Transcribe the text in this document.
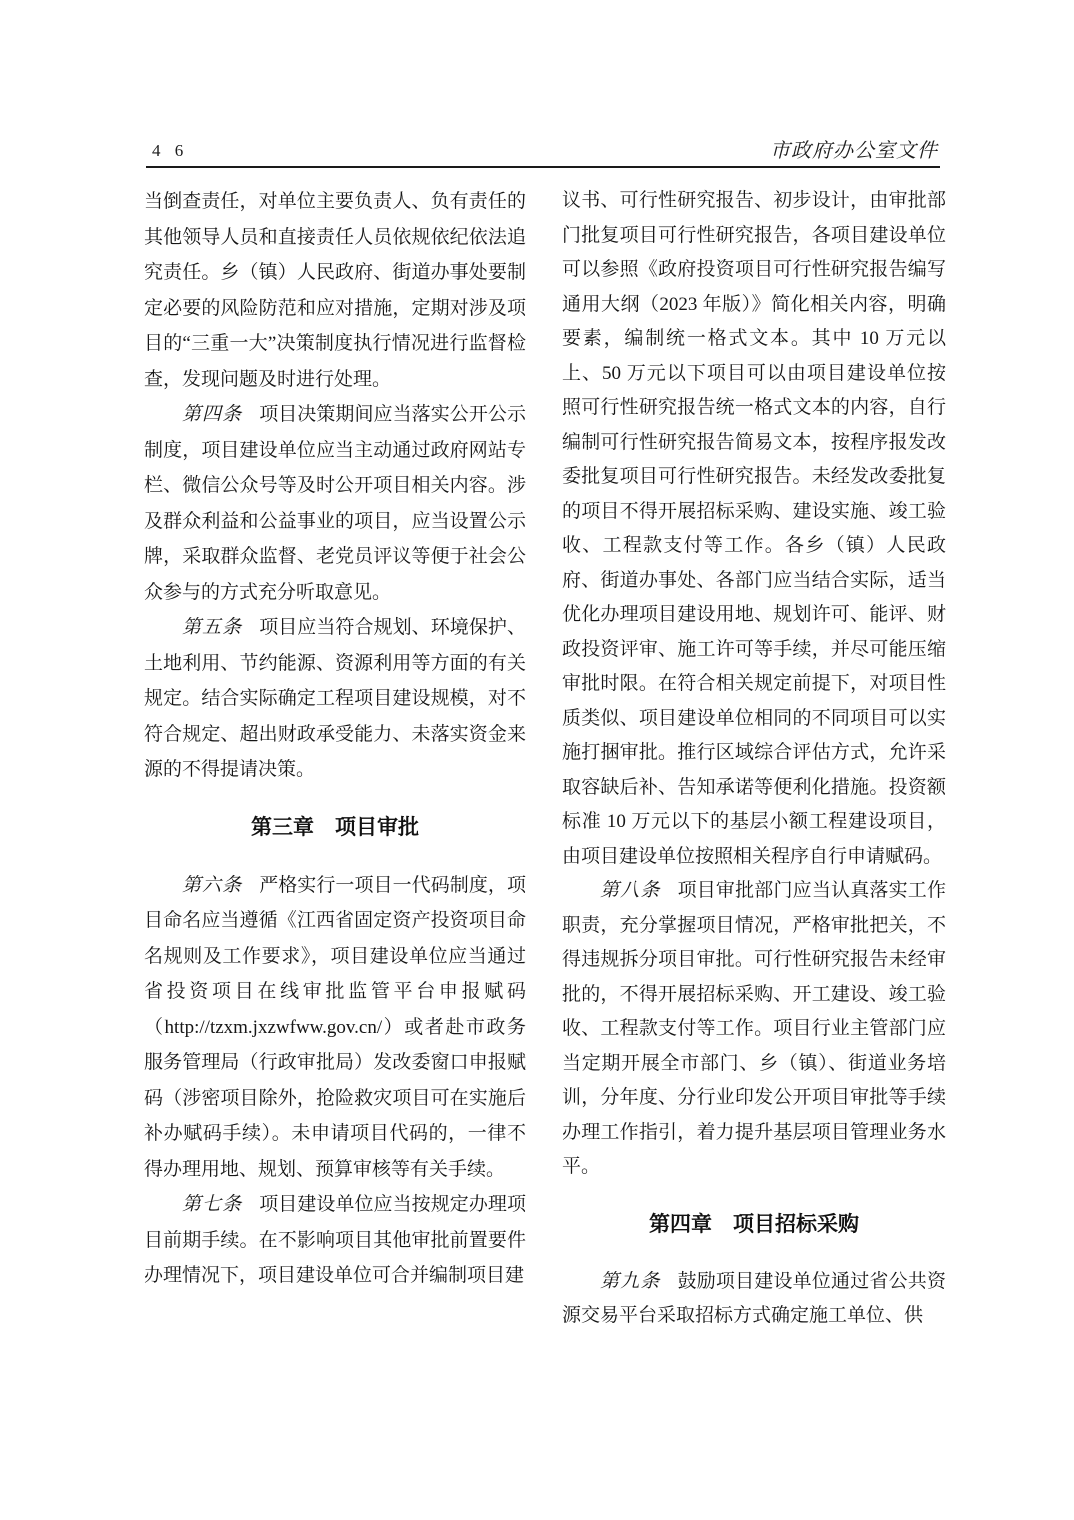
4 6	市政府办公室文件

当倒查责任，对单位主要负责人、负有责任的其他领导人员和直接责任人员依规依纪依法追究责任。乡（镇）人民政府、街道办事处要制定必要的风险防范和应对措施，定期对涉及项目的“三重一大”决策制度执行情况进行监督检查，发现问题及时进行处理。

第四条 项目决策期间应当落实公开公示制度，项目建设单位应当主动通过政府网站专栏、微信公众号等及时公开项目相关内容。涉及群众利益和公益事业的项目，应当设置公示牌，采取群众监督、老党员评议等便于社会公众参与的方式充分听取意见。

第五条 项目应当符合规划、环境保护、土地利用、节约能源、资源利用等方面的有关规定。结合实际确定工程项目建设规模，对不符合规定、超出财政承受能力、未落实资金来源的不得提请决策。

第三章　项目审批

第六条 严格实行一项目一代码制度，项目命名应当遵循《江西省固定资产投资项目命名规则及工作要求》，项目建设单位应当通过省投资项目在线审批监管平台申报赋码（http://tzxm.jxzwfww.gov.cn/）或者赴市政务服务管理局（行政审批局）发改委窗口申报赋码（涉密项目除外，抢险救灾项目可在实施后补办赋码手续）。未申请项目代码的，一律不得办理用地、规划、预算审核等有关手续。

第七条 项目建设单位应当按规定办理项目前期手续。在不影响项目其他审批前置要件办理情况下，项目建设单位可合并编制项目建

议书、可行性研究报告、初步设计，由审批部门批复项目可行性研究报告，各项目建设单位可以参照《政府投资项目可行性研究报告编写通用大纲（2023 年版）》简化相关内容，明确要素，编制统一格式文本。其中 10 万元以上、50 万元以下项目可以由项目建设单位按照可行性研究报告统一格式文本的内容，自行编制可行性研究报告简易文本，按程序报发改委批复项目可行性研究报告。未经发改委批复的项目不得开展招标采购、建设实施、竣工验收、工程款支付等工作。各乡（镇）人民政府、街道办事处、各部门应当结合实际，适当优化办理项目建设用地、规划许可、能评、财政投资评审、施工许可等手续，并尽可能压缩审批时限。在符合相关规定前提下，对项目性质类似、项目建设单位相同的不同项目可以实施打捆审批。推行区域综合评估方式，允许采取容缺后补、告知承诺等便利化措施。投资额标准 10 万元以下的基层小额工程建设项目，由项目建设单位按照相关程序自行申请赋码。

第八条 项目审批部门应当认真落实工作职责，充分掌握项目情况，严格审批把关，不得违规拆分项目审批。可行性研究报告未经审批的，不得开展招标采购、开工建设、竣工验收、工程款支付等工作。项目行业主管部门应当定期开展全市部门、乡（镇）、街道业务培训，分年度、分行业印发公开项目审批等手续办理工作指引，着力提升基层项目管理业务水平。

第四章　项目招标采购

第九条 鼓励项目建设单位通过省公共资源交易平台采取招标方式确定施工单位、供
